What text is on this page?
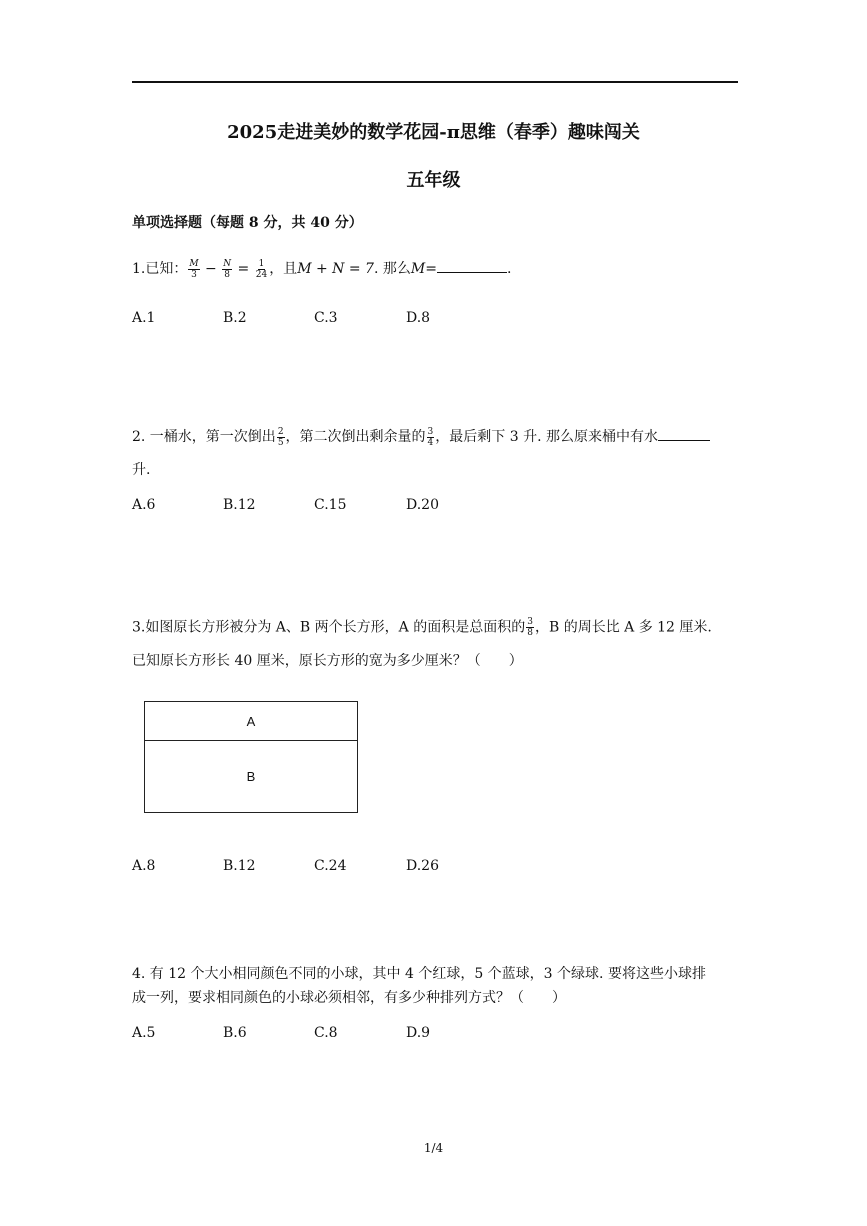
2025走进美妙的数学花园-π思维（春季）趣味闯关
五年级
单项选择题（每题 8 分，共 40 分）
1.已知： $\frac{M}{3} - \frac{N}{8} = \frac{1}{24}$ ，且M + N = 7. 那么M=	.
A.1	B.2	C.3	D.8
2. 一桶水，第一次倒出 $\frac{2}{5}$ ，第二次倒出剩余量的 $\frac{3}{4}$ ，最后剩下 3 升. 那么原来桶中有水
升.
A.6	B.12	C.15	D.20
3.如图原长方形被分为 A、B 两个长方形，A 的面积是总面积的 $\frac{3}{8}$ ，B 的周长比 A 多 12 厘米.
已知原长方形长 40 厘米，原长方形的宽为多少厘米？（　　）
A
B
A.8	B.12	C.24	D.26
4. 有 12 个大小相同颜色不同的小球，其中 4 个红球，5 个蓝球，3 个绿球. 要将这些小球排
成一列，要求相同颜色的小球必须相邻，有多少种排列方式？（　　）
A.5	B.6	C.8	D.9
1/4
